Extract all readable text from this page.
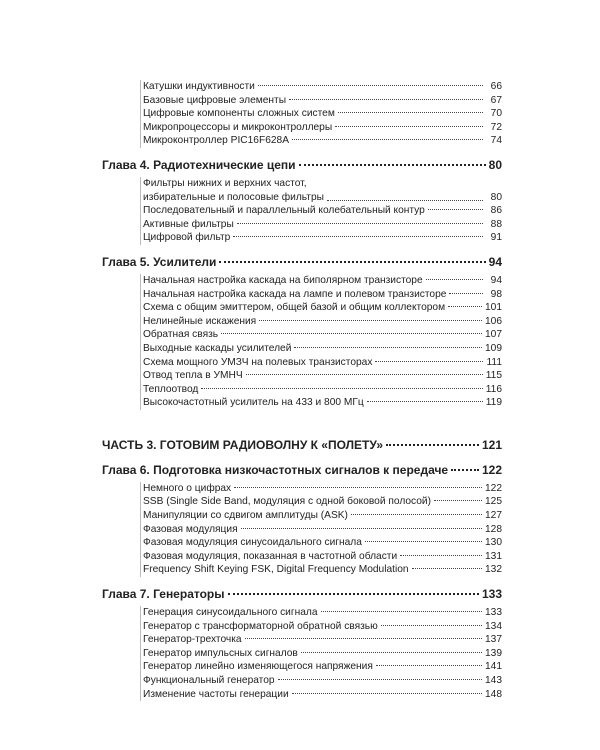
Катушки индуктивности	66
Базовые цифровые элементы	67
Цифровые компоненты сложных систем	70
Микропроцессоры и микроконтроллеры	72
Микроконтроллер PIC16F628A	74
Глава 4. Радиотехнические цепи	80
Фильтры нижних и верхних частот,
избирательные и полосовые фильтры	80
Последовательный и параллельный колебательный контур	86
Активные фильтры	88
Цифровой фильтр	91
Глава 5. Усилители	94
Начальная настройка каскада на биполярном транзисторе	94
Начальная настройка каскада на лампе и полевом транзисторе	98
Схема с общим эмиттером, общей базой и общим коллектором	101
Нелинейные искажения	106
Обратная связь	107
Выходные каскады усилителей	109
Схема мощного УМЗЧ на полевых транзисторах	111
Отвод тепла в УМНЧ	115
Теплоотвод	116
Высокочастотный усилитель на 433 и 800 МГц	119
ЧАСТЬ 3. ГОТОВИМ РАДИОВОЛНУ К «ПОЛЕТУ»	121
Глава 6. Подготовка низкочастотных сигналов к передаче	122
Немного о цифрах	122
SSB (Single Side Band, модуляция с одной боковой полосой)	125
Манипуляции со сдвигом амплитуды (ASK)	127
Фазовая модуляция	128
Фазовая модуляция синусоидального сигнала	130
Фазовая модуляция, показанная в частотной области	131
Frequency Shift Keying FSK, Digital Frequency Modulation	132
Глава 7. Генераторы	133
Генерация синусоидального сигнала	133
Генератор с трансформаторной обратной связью	134
Генератор-трехточка	137
Генератор импульсных сигналов	139
Генератор линейно изменяющегося напряжения	141
Функциональный генератор	143
Изменение частоты генерации	148
